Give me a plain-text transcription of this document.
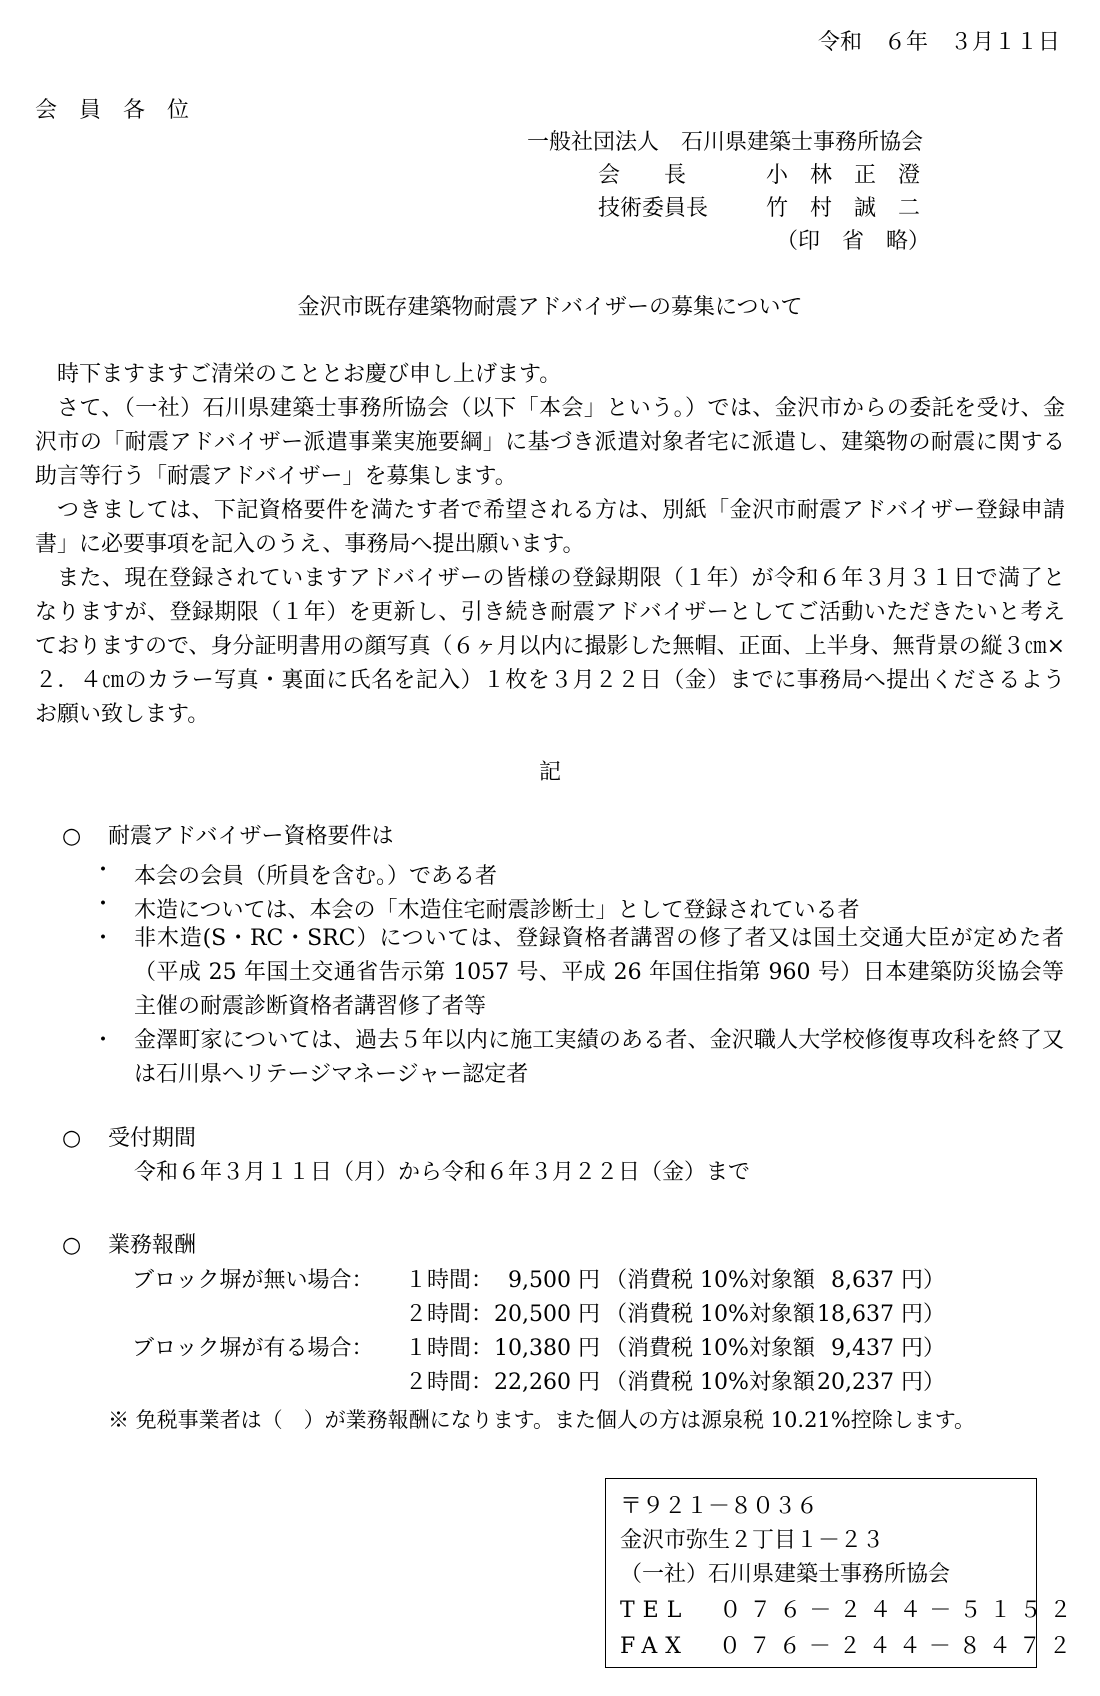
令和　６年　３月１１日
会　員　各　位
一般社団法人　石川県建築士事務所協会
会　　長	小　林　正　澄
技術委員長	竹　村　誠　二
（印　省　略）
金沢市既存建築物耐震アドバイザーの募集について
時下ますますご清栄のこととお慶び申し上げます。
さて、（一社）石川県建築士事務所協会（以下「本会」という。）では、金沢市からの委託を受け、金沢市の「耐震アドバイザー派遣事業実施要綱」に基づき派遣対象者宅に派遣し、建築物の耐震に関する助言等行う「耐震アドバイザー」を募集します。
つきましては、下記資格要件を満たす者で希望される方は、別紙「金沢市耐震アドバイザー登録申請書」に必要事項を記入のうえ、事務局へ提出願います。
また、現在登録されていますアドバイザーの皆様の登録期限（１年）が令和６年３月３１日で満了となりますが、登録期限（１年）を更新し、引き続き耐震アドバイザーとしてご活動いただきたいと考えておりますので、身分証明書用の顔写真（６ヶ月以内に撮影した無帽、正面、上半身、無背景の縦３㎝×２．４㎝のカラー写真・裏面に氏名を記入）１枚を３月２２日（金）までに事務局へ提出くださるようお願い致します。
記
○ 耐震アドバイザー資格要件は
・ 本会の会員（所員を含む。）である者
・ 木造については、本会の「木造住宅耐震診断士」として登録されている者
・ 非木造(S・RC・SRC）については、登録資格者講習の修了者又は国土交通大臣が定めた者（平成 25 年国土交通省告示第 1057 号、平成 26 年国住指第 960 号）日本建築防災協会等主催の耐震診断資格者講習修了者等
・ 金澤町家については、過去５年以内に施工実績のある者、金沢職人大学校修復専攻科を終了又は石川県へリテージマネージャー認定者
○ 受付期間
令和６年３月１１日（月）から令和６年３月２２日（金）まで
○ 業務報酬
ブロック塀が無い場合： １時間： 9,500 円 （消費税 10%対象額 8,637 円）
２時間： 20,500 円 （消費税 10%対象額 18,637 円）
ブロック塀が有る場合： １時間： 10,380 円 （消費税 10%対象額 9,437 円）
２時間： 22,260 円 （消費税 10%対象額 20,237 円）
※ 免税事業者は（　）が業務報酬になります。また個人の方は源泉税 10.21%控除します。
〒９２１－８０３６
金沢市弥生２丁目１－２３
（一社）石川県建築士事務所協会
TEL　０７６－２４４－５１５２
FAX　０７６－２４４－８４７２
